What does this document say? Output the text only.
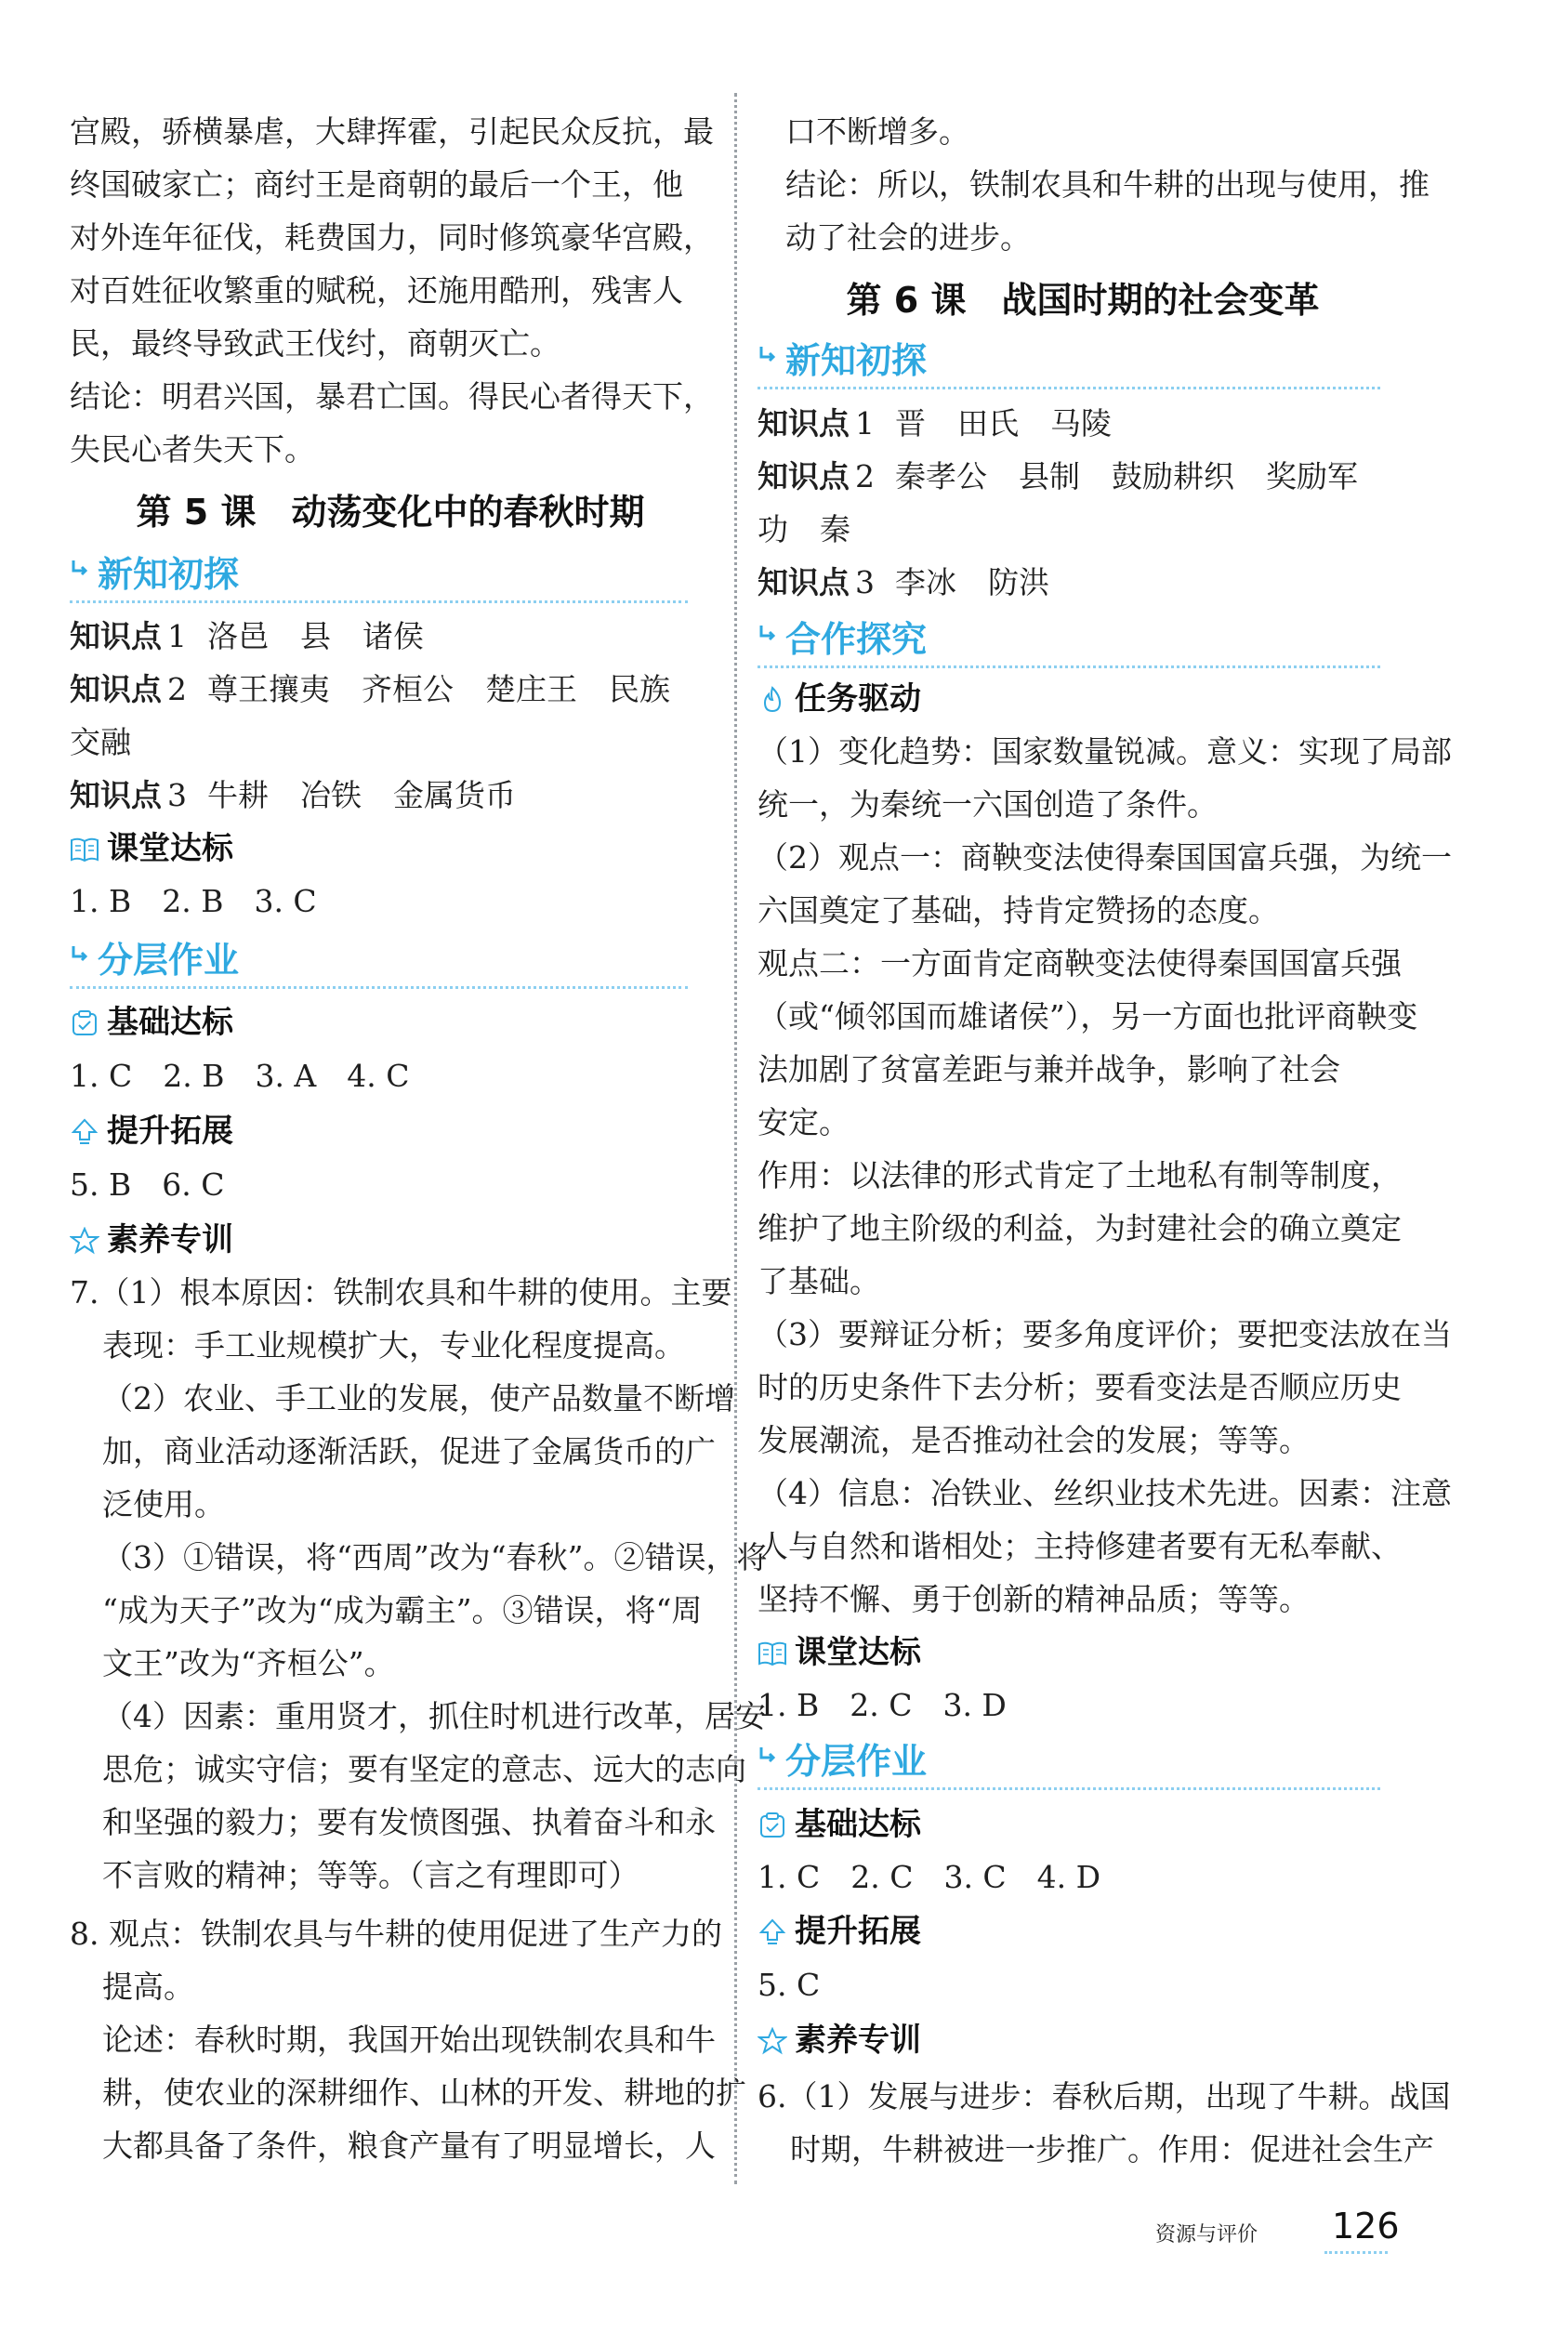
宫殿，骄横暴虐，大肆挥霍，引起民众反抗，最
终国破家亡；商纣王是商朝的最后一个王，他
对外连年征伐，耗费国力，同时修筑豪华宫殿，
对百姓征收繁重的赋税，还施用酷刑，残害人
民，最终导致武王伐纣，商朝灭亡。
结论：明君兴国，暴君亡国。得民心者得天下，
失民心者失天下。
第 5 课　动荡变化中的春秋时期
新知初探
知识点 1 洛邑 县 诸侯
知识点 2 尊王攘夷 齐桓公 楚庄王 民族
交融
知识点 3 牛耕 冶铁 金属货币
课堂达标
1. B　2. B　3. C
分层作业
基础达标
1. C　2. B　3. A　4. C
提升拓展
5. B　6. C
素养专训
7.（1）根本原因：铁制农具和牛耕的使用。主要
表现：手工业规模扩大，专业化程度提高。
（2）农业、手工业的发展，使产品数量不断增
加，商业活动逐渐活跃，促进了金属货币的广
泛使用。
（3）①错误，将“西周”改为“春秋”。②错误，将
“成为天子”改为“成为霸主”。③错误，将“周
文王”改为“齐桓公”。
（4）因素：重用贤才，抓住时机进行改革，居安
思危；诚实守信；要有坚定的意志、远大的志向
和坚强的毅力；要有发愤图强、执着奋斗和永
不言败的精神；等等。（言之有理即可）
8. 观点：铁制农具与牛耕的使用促进了生产力的
提高。
论述：春秋时期，我国开始出现铁制农具和牛
耕，使农业的深耕细作、山林的开发、耕地的扩
大都具备了条件，粮食产量有了明显增长，人
口不断增多。
结论：所以，铁制农具和牛耕的出现与使用，推
动了社会的进步。
第 6 课　战国时期的社会变革
新知初探
知识点 1 晋 田氏 马陵
知识点 2 秦孝公 县制 鼓励耕织 奖励军
功 秦
知识点 3 李冰 防洪
合作探究
任务驱动
（1）变化趋势：国家数量锐减。意义：实现了局部
统一，为秦统一六国创造了条件。
（2）观点一：商鞅变法使得秦国国富兵强，为统一
六国奠定了基础，持肯定赞扬的态度。
观点二：一方面肯定商鞅变法使得秦国国富兵强
（或“倾邻国而雄诸侯”），另一方面也批评商鞅变
法加剧了贫富差距与兼并战争，影响了社会
安定。
作用：以法律的形式肯定了土地私有制等制度，
维护了地主阶级的利益，为封建社会的确立奠定
了基础。
（3）要辩证分析；要多角度评价；要把变法放在当
时的历史条件下去分析；要看变法是否顺应历史
发展潮流，是否推动社会的发展；等等。
（4）信息：冶铁业、丝织业技术先进。因素：注意
人与自然和谐相处；主持修建者要有无私奉献、
坚持不懈、勇于创新的精神品质；等等。
课堂达标
1. B　2. C　3. D
分层作业
基础达标
1. C　2. C　3. C　4. D
提升拓展
5. C
素养专训
6.（1）发展与进步：春秋后期，出现了牛耕。战国
时期，牛耕被进一步推广。作用：促进社会生产
资源与评价 126
